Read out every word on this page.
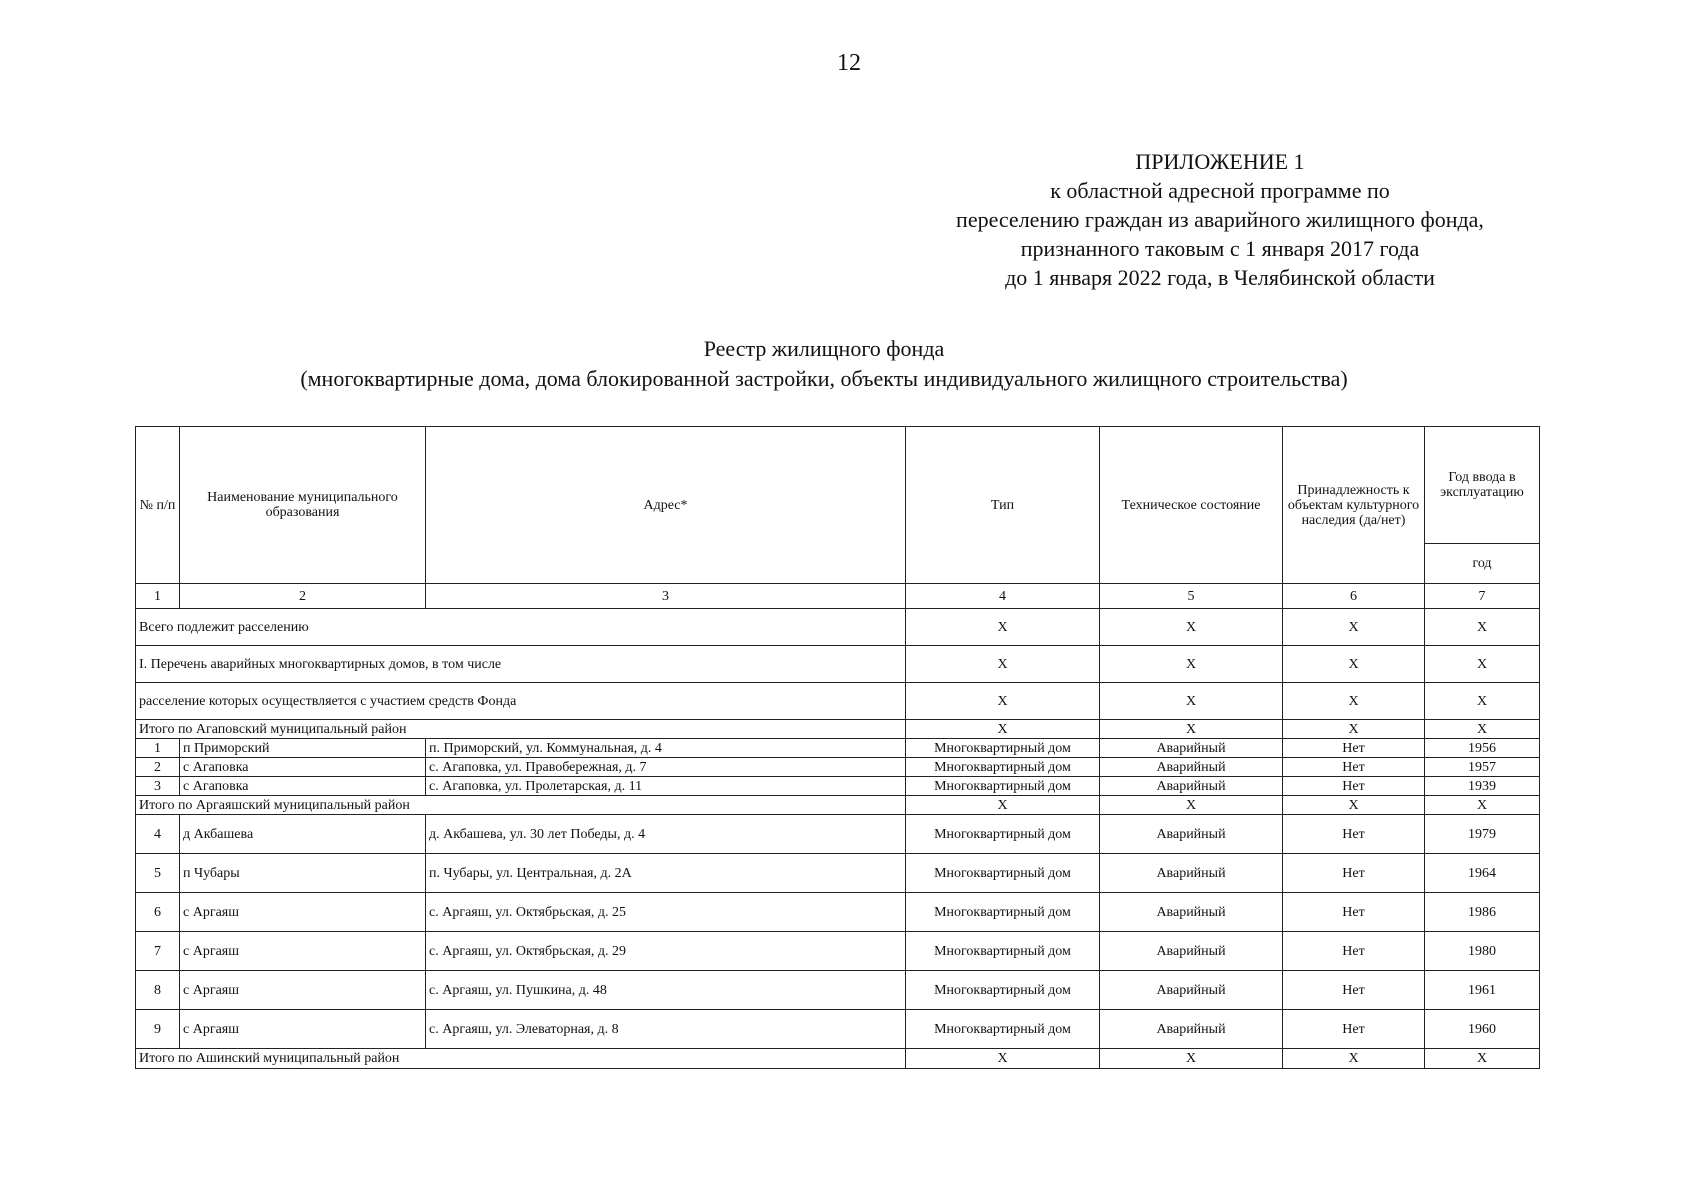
12
ПРИЛОЖЕНИЕ 1
к областной адресной программе по
переселению граждан из аварийного жилищного фонда,
признанного таковым с 1 января 2017 года
до 1 января 2022 года, в Челябинской области
Реестр жилищного фонда
(многоквартирные дома, дома блокированной застройки, объекты индивидуального жилищного строительства)
№ п/п	Наименование муниципального образования	Адрес*	Тип	Техническое состояние	Принадлежность к объектам культурного наследия (да/нет)	Год ввода в эксплуатацию
						год
1	2	3	4	5	6	7
Всего подлежит расселению			X	X	X	X
I. Перечень аварийных многоквартирных домов, в том числе			X	X	X	X
расселение которых осуществляется с участием средств Фонда			X	X	X	X
Итого по Агаповский муниципальный район			X	X	X	X
1	п Приморский	п. Приморский, ул. Коммунальная, д. 4	Многоквартирный дом	Аварийный	Нет	1956
2	с Агаповка	с. Агаповка, ул. Правобережная, д. 7	Многоквартирный дом	Аварийный	Нет	1957
3	с Агаповка	с. Агаповка, ул. Пролетарская, д. 11	Многоквартирный дом	Аварийный	Нет	1939
Итого по Аргаяшский муниципальный район			X	X	X	X
4	д Акбашева	д. Акбашева, ул. 30 лет Победы, д. 4	Многоквартирный дом	Аварийный	Нет	1979
5	п Чубары	п. Чубары, ул. Центральная, д. 2А	Многоквартирный дом	Аварийный	Нет	1964
6	с Аргаяш	с. Аргаяш, ул. Октябрьская, д. 25	Многоквартирный дом	Аварийный	Нет	1986
7	с Аргаяш	с. Аргаяш, ул. Октябрьская, д. 29	Многоквартирный дом	Аварийный	Нет	1980
8	с Аргаяш	с. Аргаяш, ул. Пушкина, д. 48	Многоквартирный дом	Аварийный	Нет	1961
9	с Аргаяш	с. Аргаяш, ул. Элеваторная, д. 8	Многоквартирный дом	Аварийный	Нет	1960
Итого по Ашинский муниципальный район			X	X	X	X
